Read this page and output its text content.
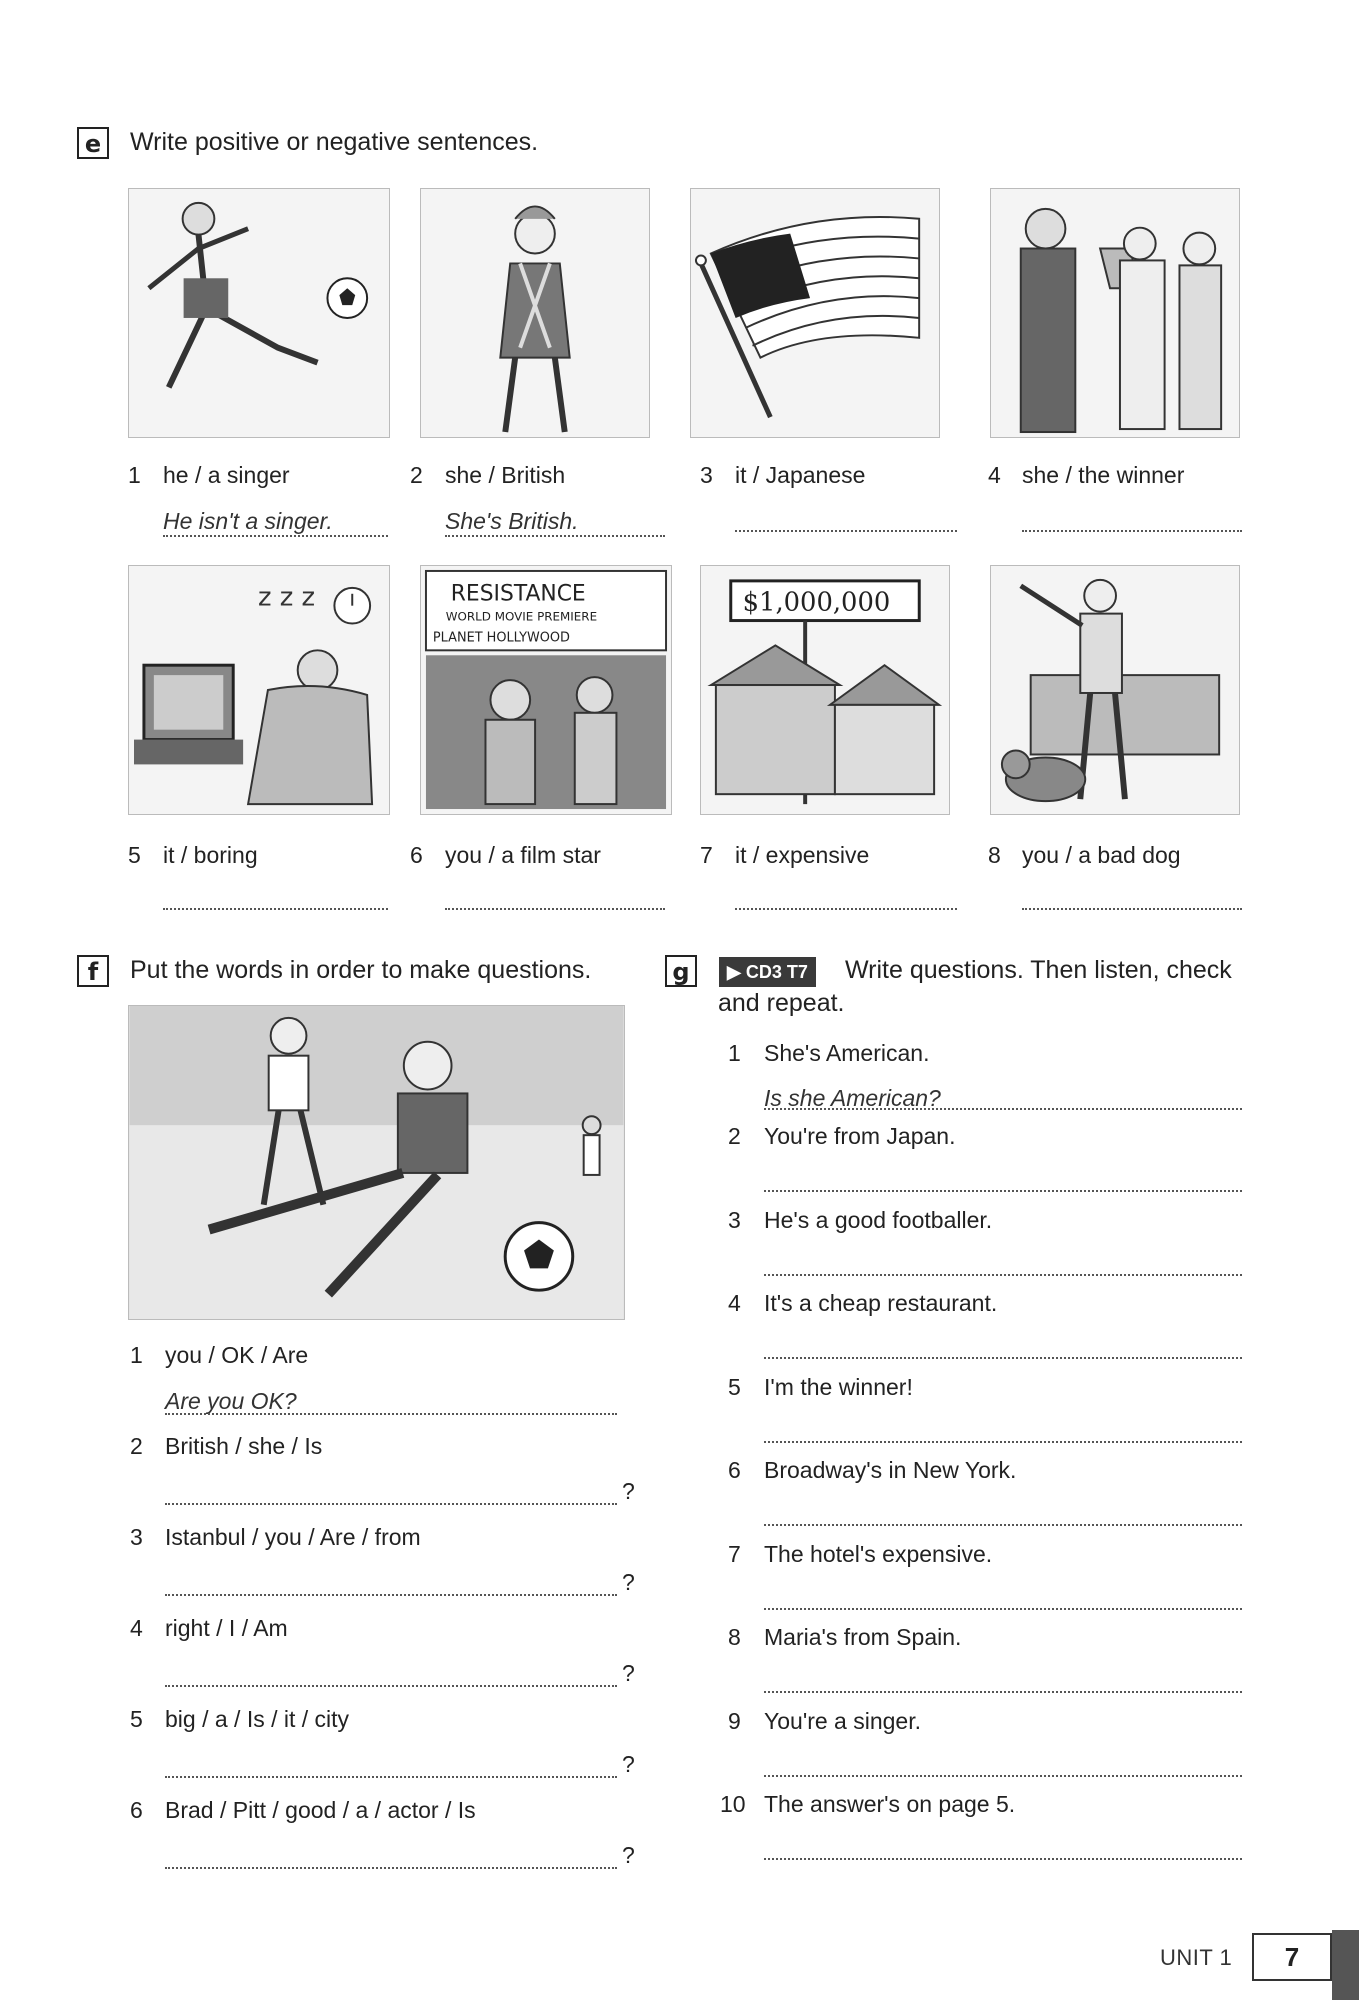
e	Write positive or negative sentences.
1 he / a singer
He isn't a singer.
2 she / British
She's British.
3 it / Japanese	4 she / the winner
z z z	RESISTANCE
WORLD MOVIE PREMIERE
PLANET HOLLYWOOD
$1,000,000
5 it / boring	6 you / a film star	7 it / expensive	8 you / a bad dog
f	Put the words in order to make questions.
1 you / OK / Are
Are you OK?
2 British / she / Is
?
3 Istanbul / you / Are / from
?
4 right / I / Am
?
5 big / a / Is / it / city
?
6 Brad / Pitt / good / a / actor / Is
?
g	▶ CD3 T7	Write questions. Then listen, check
and repeat.
1 She's American.
Is she American?
2 You're from Japan.
3 He's a good footballer.
4 It's a cheap restaurant.
5 I'm the winner!
6 Broadway's in New York.
7 The hotel's expensive.
8 Maria's from Spain.
9 You're a singer.
10 The answer's on page 5.
UNIT 1	7
